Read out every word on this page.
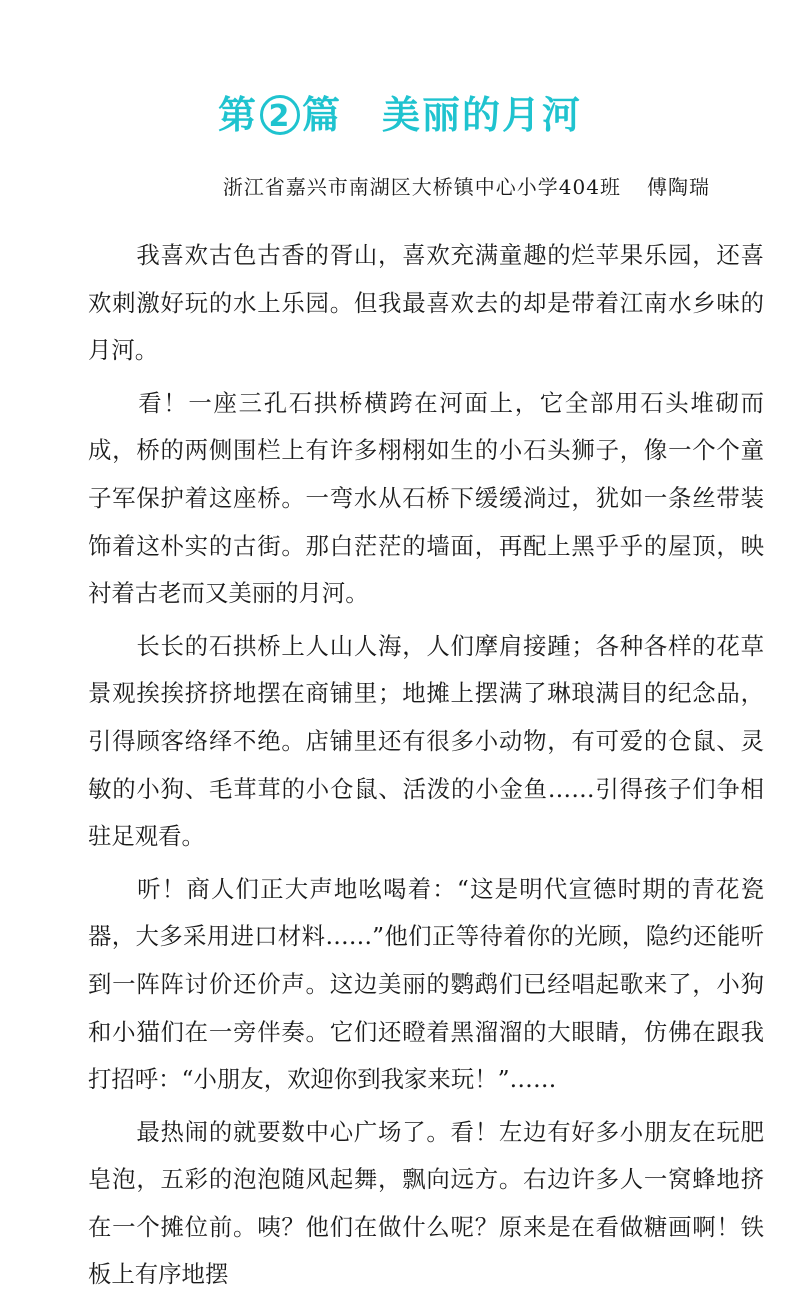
第 2 篇 美丽的月河
浙江省嘉兴市南湖区大桥镇中心小学404班 傅陶瑞

　　我喜欢古色古香的胥山，喜欢充满童趣的烂苹果乐园，还喜欢刺激好玩的水上乐园。但我最喜欢去的却是带着江南水乡味的月河。

　　看！一座三孔石拱桥横跨在河面上，它全部用石头堆砌而成，桥的两侧围栏上有许多栩栩如生的小石头狮子，像一个个童子军保护着这座桥。一弯水从石桥下缓缓淌过，犹如一条丝带装饰着这朴实的古街。那白茫茫的墙面，再配上黑乎乎的屋顶，映衬着古老而又美丽的月河。

　　长长的石拱桥上人山人海，人们摩肩接踵；各种各样的花草景观挨挨挤挤地摆在商铺里；地摊上摆满了琳琅满目的纪念品，引得顾客络绎不绝。店铺里还有很多小动物，有可爱的仓鼠、灵敏的小狗、毛茸茸的小仓鼠、活泼的小金鱼……引得孩子们争相驻足观看。

　　听！商人们正大声地吆喝着：“这是明代宣德时期的青花瓷器，大多采用进口材料……”他们正等待着你的光顾，隐约还能听到一阵阵讨价还价声。这边美丽的鹦鹉们已经唱起歌来了，小狗和小猫们在一旁伴奏。它们还瞪着黑溜溜的大眼睛，仿佛在跟我打招呼：“小朋友，欢迎你到我家来玩！”……

　　最热闹的就要数中心广场了。看！左边有好多小朋友在玩肥皂泡，五彩的泡泡随风起舞，飘向远方。右边许多人一窝蜂地挤在一个摊位前。咦？他们在做什么呢？原来是在看做糖画啊！铁板上有序地摆
